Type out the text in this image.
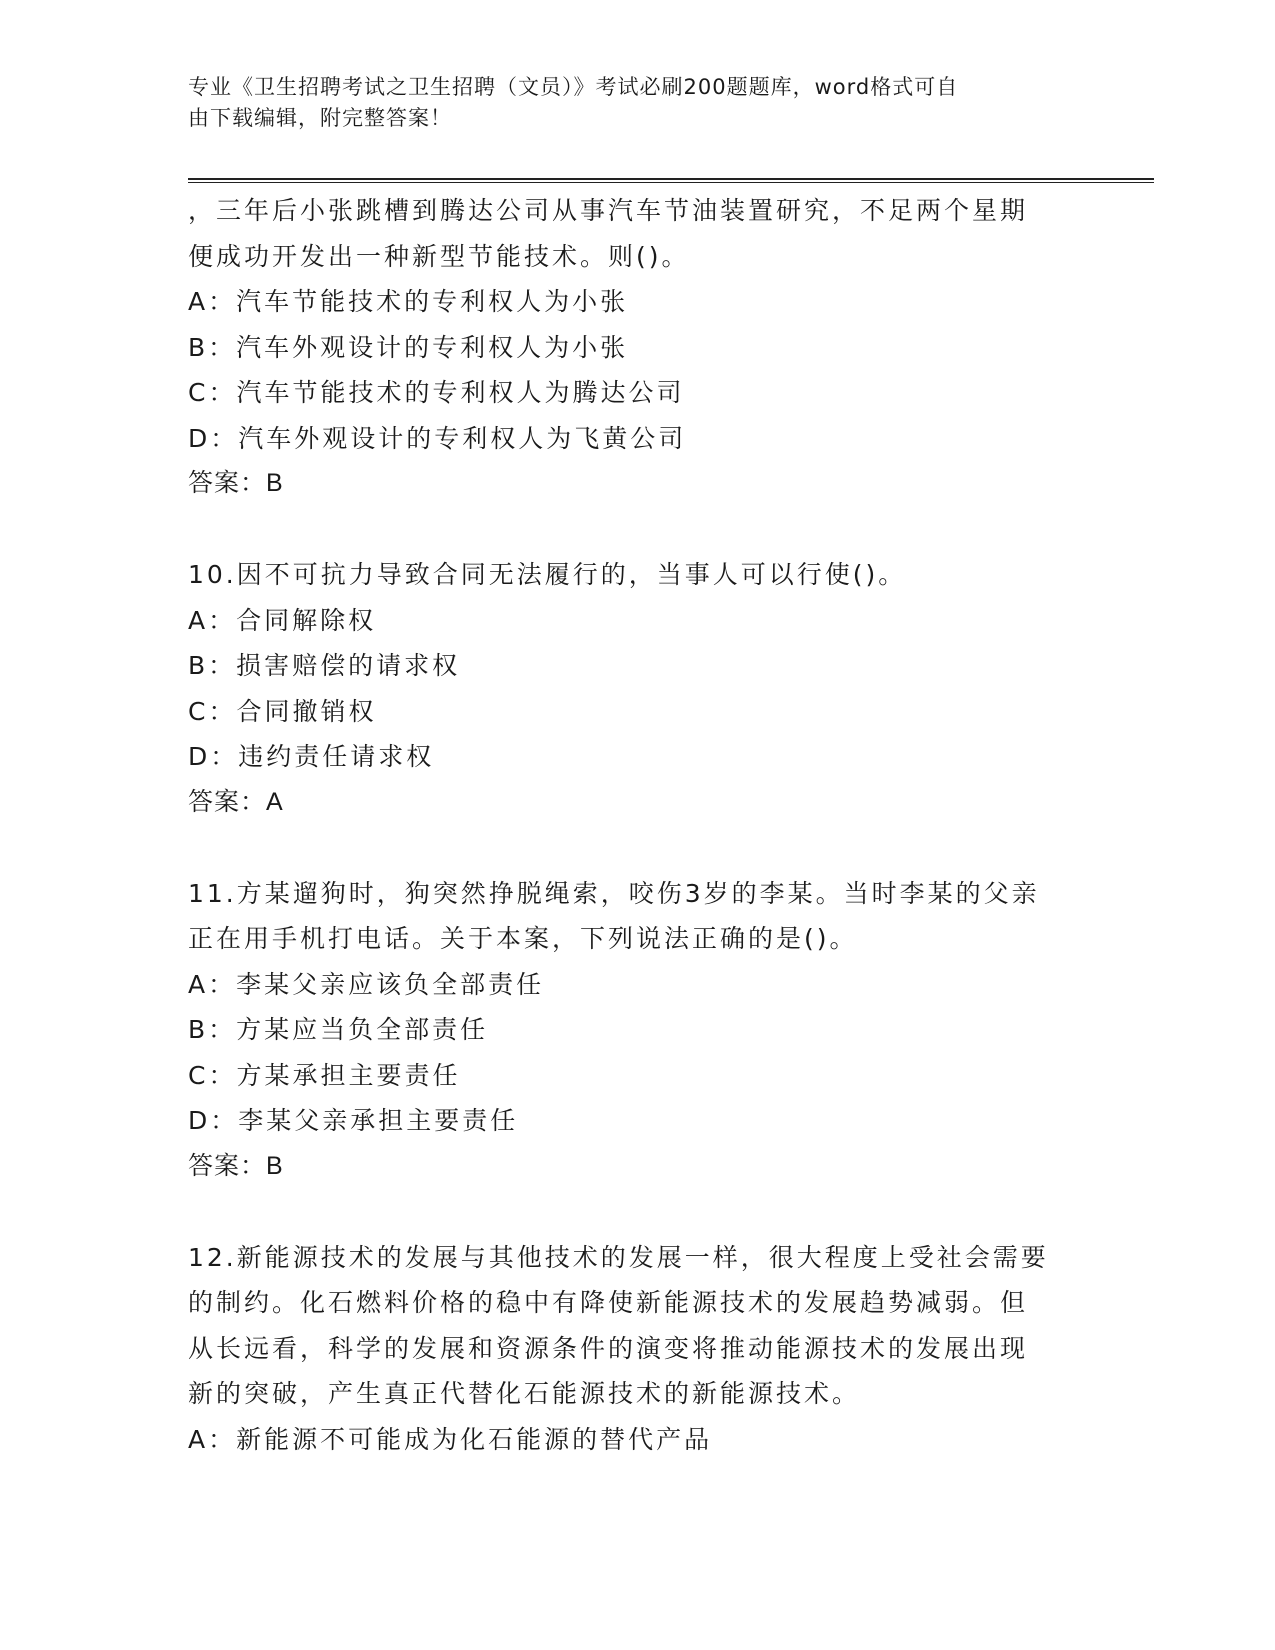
专业《卫生招聘考试之卫生招聘（文员）》考试必刷200题题库，word格式可自
由下载编辑，附完整答案！
，三年后小张跳槽到腾达公司从事汽车节油装置研究，不足两个星期
便成功开发出一种新型节能技术。则()。
A：汽车节能技术的专利权人为小张
B：汽车外观设计的专利权人为小张
C：汽车节能技术的专利权人为腾达公司
D：汽车外观设计的专利权人为飞黄公司
答案：B
10.因不可抗力导致合同无法履行的，当事人可以行使()。
A：合同解除权
B：损害赔偿的请求权
C：合同撤销权
D：违约责任请求权
答案：A
11.方某遛狗时，狗突然挣脱绳索，咬伤3岁的李某。当时李某的父亲
正在用手机打电话。关于本案，下列说法正确的是()。
A：李某父亲应该负全部责任
B：方某应当负全部责任
C：方某承担主要责任
D：李某父亲承担主要责任
答案：B
12.新能源技术的发展与其他技术的发展一样，很大程度上受社会需要
的制约。化石燃料价格的稳中有降使新能源技术的发展趋势减弱。但
从长远看，科学的发展和资源条件的演变将推动能源技术的发展出现
新的突破，产生真正代替化石能源技术的新能源技术。
A：新能源不可能成为化石能源的替代产品
